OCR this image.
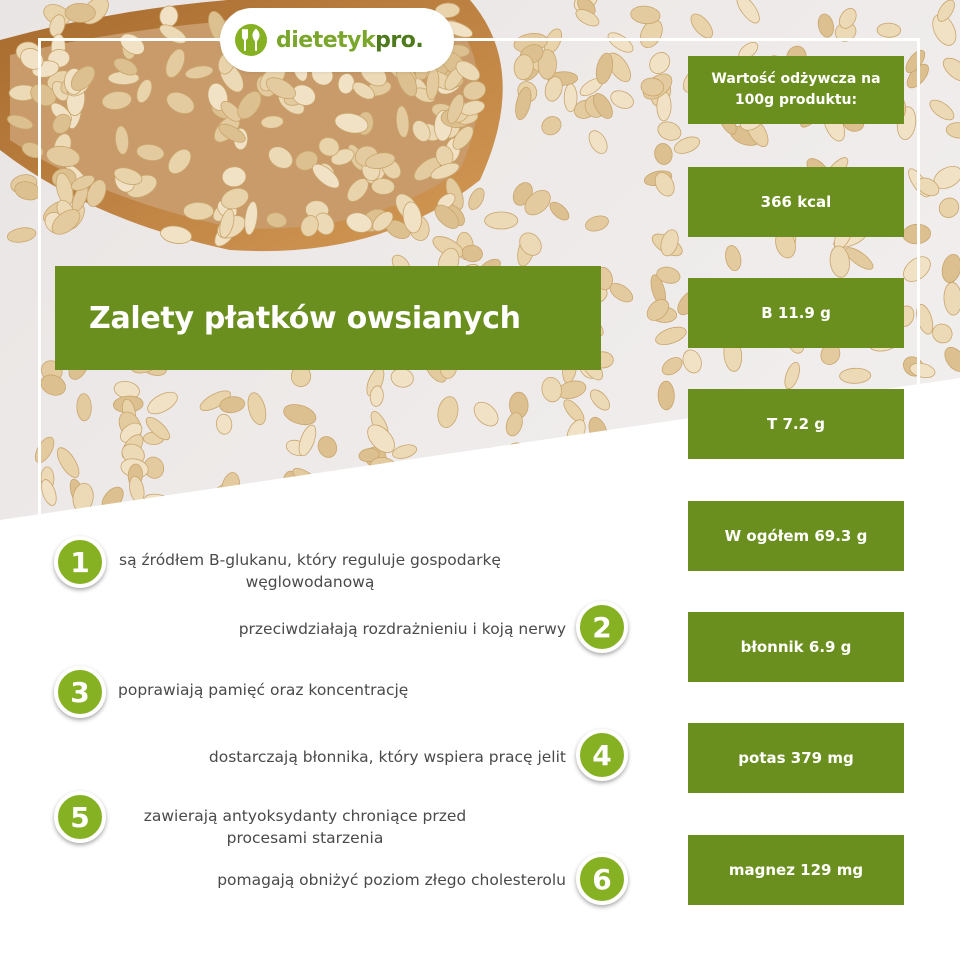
dietetykpro.
Zalety płatków owsianych
Wartość odżywcza na 100g produktu:
366 kcal
B 11.9 g
T 7.2 g
W ogółem 69.3 g
błonnik 6.9 g
potas 379 mg
magnez 129 mg
1	są źródłem B-glukanu, który reguluje gospodarkę węglowodanową
2
przeciwdziałają rozdrażnieniu i koją nerwy
3	poprawiają pamięć oraz koncentrację
4
dostarczają błonnika, który wspiera pracę jelit
5	zawierają antyoksydanty chroniące przed procesami starzenia
6
pomagają obniżyć poziom złego cholesterolu
